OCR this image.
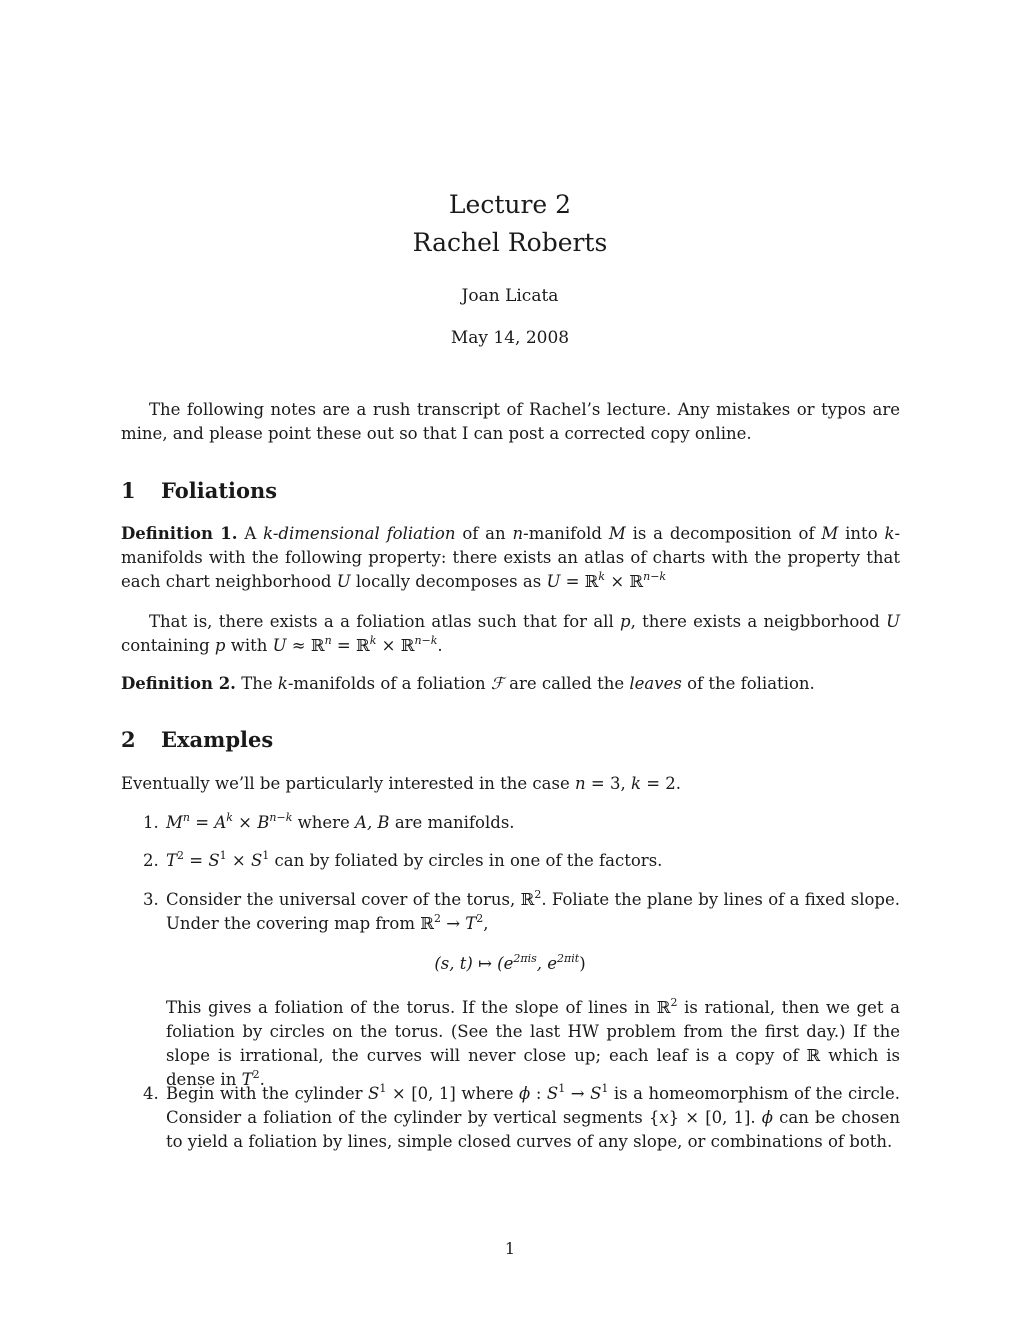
Lecture 2
Rachel Roberts
Joan Licata
May 14, 2008

The following notes are a rush transcript of Rachel’s lecture. Any mistakes or typos are mine, and please point these out so that I can post a corrected copy online.

1 Foliations

Definition 1. A k-dimensional foliation of an n-manifold M is a decomposition of M into k-manifolds with the following property: there exists an atlas of charts with the property that each chart neighborhood U locally decomposes as U = ℝ$^k$ × ℝ$^{n-k}$

That is, there exists a a foliation atlas such that for all p, there exists a neigbborhood U containing p with U ≈ ℝ$^n$ = ℝ$^k$ × ℝ$^{n-k}$.

Definition 2. The k-manifolds of a foliation ℱ are called the leaves of the foliation.

2 Examples

Eventually we’ll be particularly interested in the case n = 3, k = 2.

1. $M^n = A^k \times B^{n-k}$ where A, B are manifolds.

2. $T^2 = S^1 \times S^1$ can by foliated by circles in one of the factors.

3. Consider the universal cover of the torus, ℝ$^2$. Foliate the plane by lines of a fixed slope. Under the covering map from ℝ$^2$ → $T^2$,

(s, t) ↦ ($e^{2\pi is}$, $e^{2\pi it}$)

This gives a foliation of the torus. If the slope of lines in ℝ$^2$ is rational, then we get a foliation by circles on the torus. (See the last HW problem from the first day.) If the slope is irrational, the curves will never close up; each leaf is a copy of ℝ which is dense in $T^2$.

4. Begin with the cylinder $S^1 \times [0$, 1] where ϕ : $S^1 \to S^1$ is a homeomorphism of the circle. Consider a foliation of the cylinder by vertical segments {x} × [0, 1]. ϕ can be chosen to yield a foliation by lines, simple closed curves of any slope, or combinations of both.

1
